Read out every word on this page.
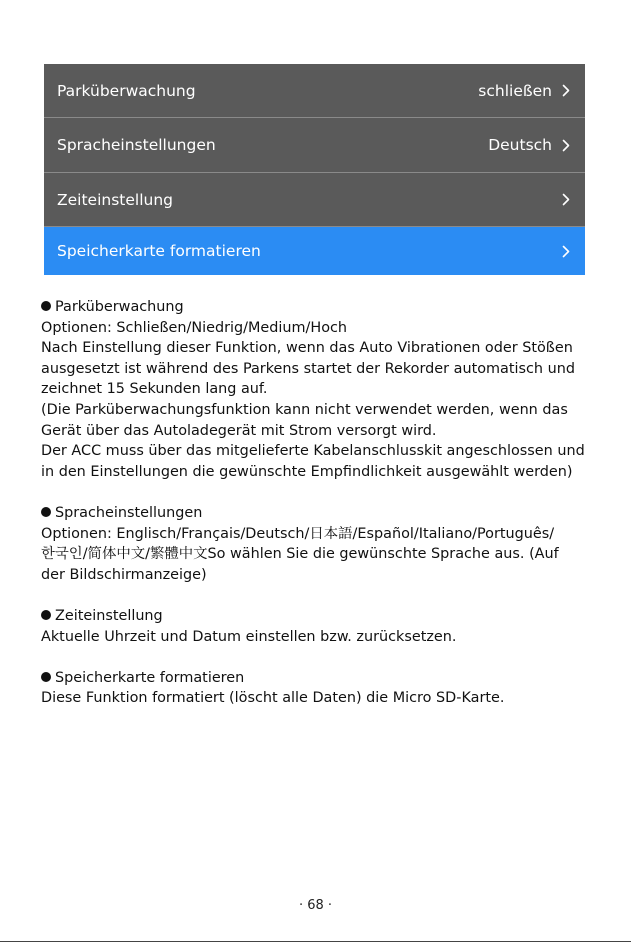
Parküberwachung	schließen
Spracheinstellungen	Deutsch
Zeiteinstellung
Speicherkarte formatieren

Parküberwachung

Optionen: Schließen/Niedrig/Medium/Hoch

Nach Einstellung dieser Funktion, wenn das Auto Vibrationen oder Stößen

ausgesetzt ist während des Parkens startet der Rekorder automatisch und

zeichnet 15 Sekunden lang auf.

(Die Parküberwachungsfunktion kann nicht verwendet werden, wenn das

Gerät über das Autoladegerät mit Strom versorgt wird.

Der ACC muss über das mitgelieferte Kabelanschlusskit angeschlossen und

in den Einstellungen die gewünschte Empfindlichkeit ausgewählt werden)

Spracheinstellungen

Optionen: Englisch/Français/Deutsch/日本語/Español/Italiano/Português/

한국인/简体中文/繁體中文So wählen Sie die gewünschte Sprache aus. (Auf

der Bildschirmanzeige)

Zeiteinstellung

Aktuelle Uhrzeit und Datum einstellen bzw. zurücksetzen.

Speicherkarte formatieren

Diese Funktion formatiert (löscht alle Daten) die Micro SD-Karte.

· 68 ·
